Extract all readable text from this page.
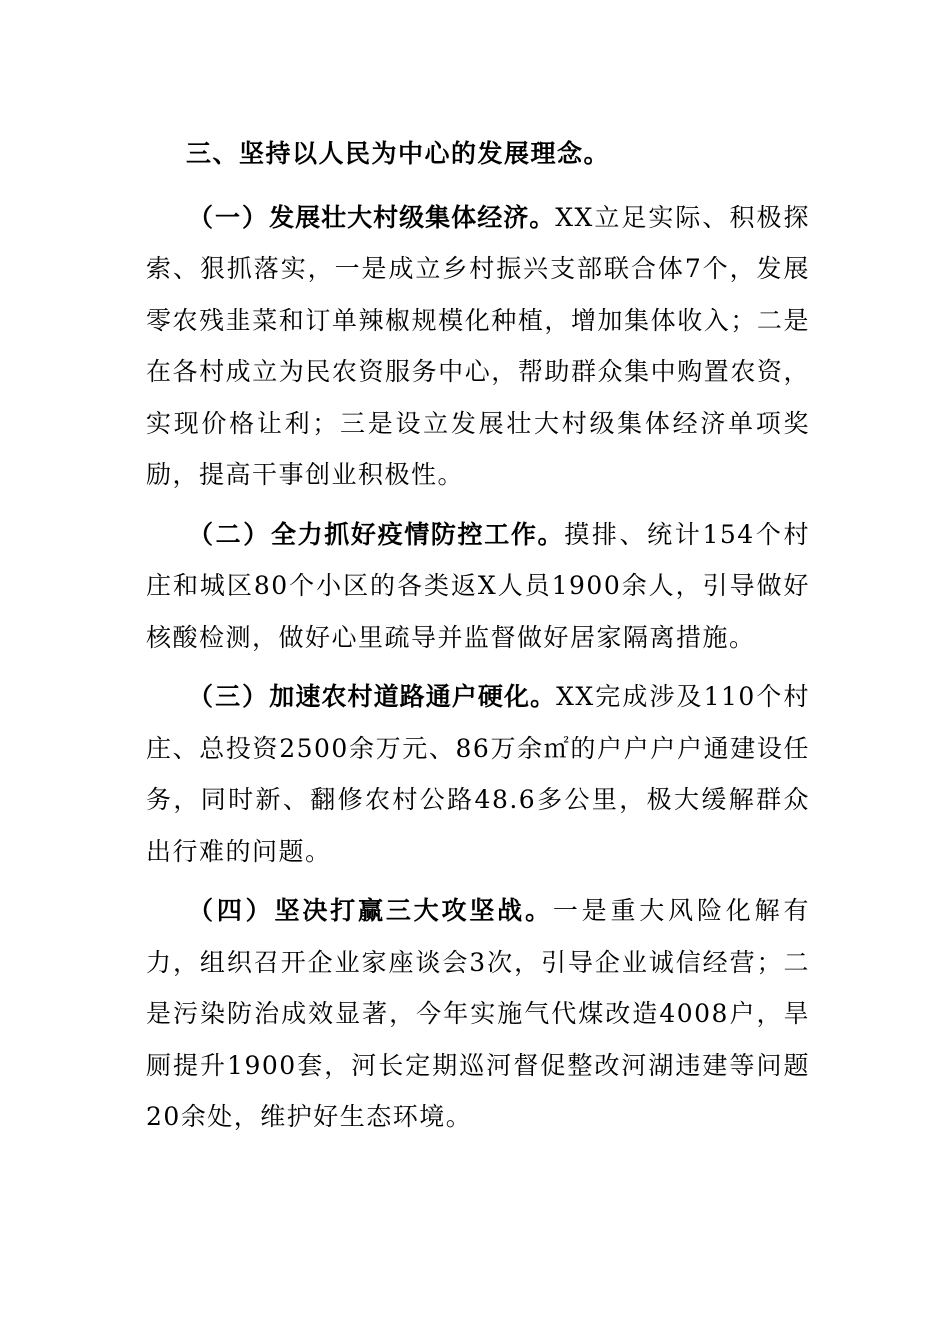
三、坚持以人民为中心的发展理念。

（一）发展壮大村级集体经济。XX立足实际、积极探索、狠抓落实，一是成立乡村振兴支部联合体7个，发展零农残韭菜和订单辣椒规模化种植，增加集体收入；二是在各村成立为民农资服务中心，帮助群众集中购置农资，实现价格让利；三是设立发展壮大村级集体经济单项奖励，提高干事创业积极性。

（二）全力抓好疫情防控工作。摸排、统计154个村庄和城区80个小区的各类返X人员1900余人，引导做好核酸检测，做好心里疏导并监督做好居家隔离措施。

（三）加速农村道路通户硬化。XX完成涉及110个村庄、总投资2500余万元、86万余㎡的户户户户通建设任务，同时新、翻修农村公路48.6多公里，极大缓解群众出行难的问题。

（四）坚决打赢三大攻坚战。一是重大风险化解有力，组织召开企业家座谈会3次，引导企业诚信经营；二是污染防治成效显著，今年实施气代煤改造4008户，旱厕提升1900套，河长定期巡河督促整改河湖违建等问题20余处，维护好生态环境。
